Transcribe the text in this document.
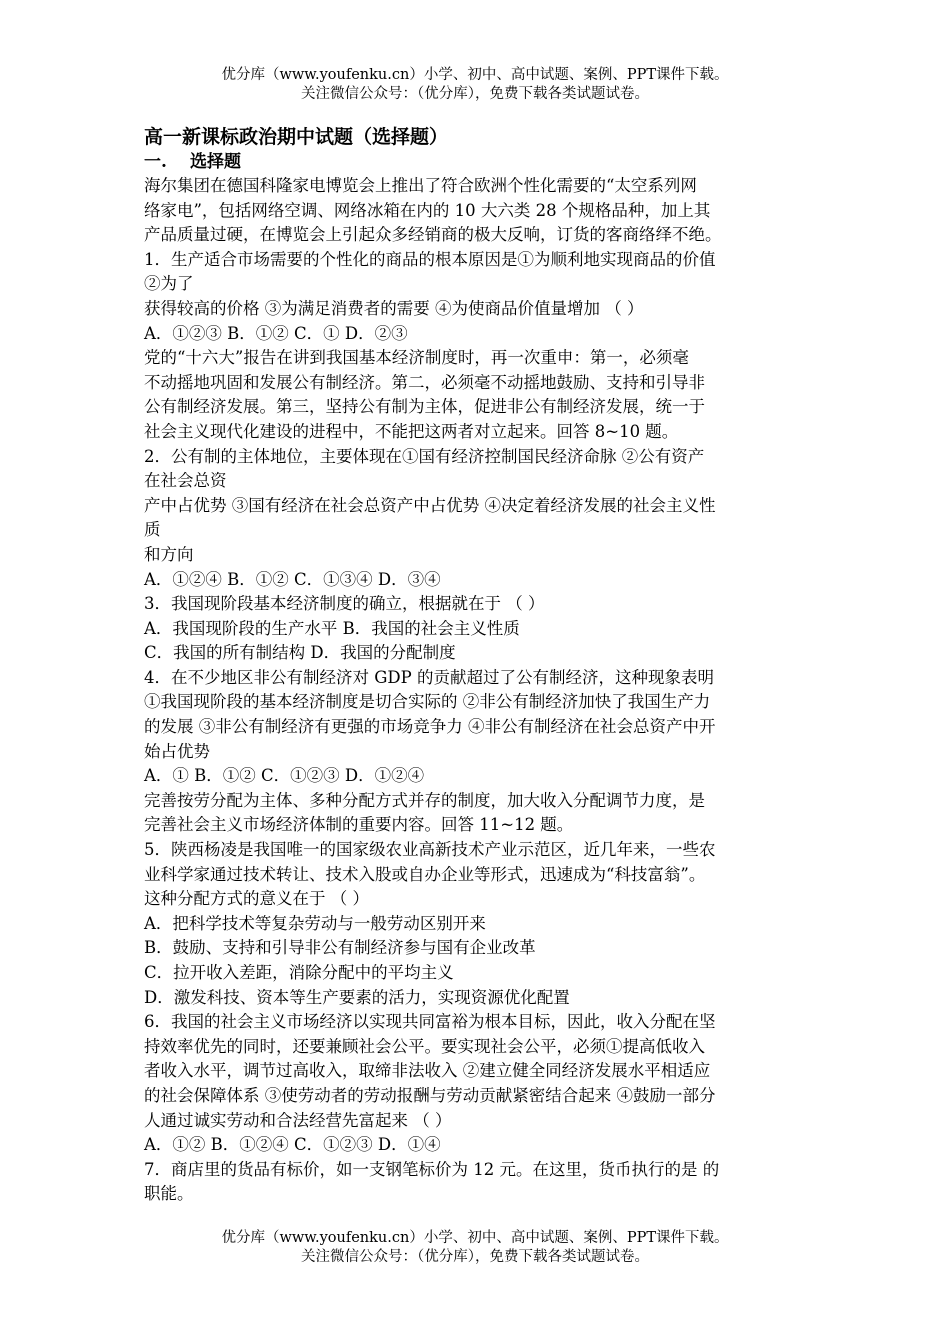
优分库（www.youfenku.cn）小学、初中、高中试题、案例、PPT课件下载。
关注微信公众号：（优分库），免费下载各类试题试卷。
高一新课标政治期中试题（选择题）
一. 选择题
海尔集团在德国科隆家电博览会上推出了符合欧洲个性化需要的“太空系列网
络家电”，包括网络空调、网络冰箱在内的 10 大六类 28 个规格品种，加上其
产品质量过硬，在博览会上引起众多经销商的极大反响，订货的客商络绎不绝。
1．生产适合市场需要的个性化的商品的根本原因是①为顺利地实现商品的价值
②为了
获得较高的价格 ③为满足消费者的需要 ④为使商品价值量增加 （ ）
A．①②③ B．①② C．① D．②③
党的“十六大”报告在讲到我国基本经济制度时，再一次重申：第一，必须毫
不动摇地巩固和发展公有制经济。第二，必须毫不动摇地鼓励、支持和引导非
公有制经济发展。第三，坚持公有制为主体，促进非公有制经济发展，统一于
社会主义现代化建设的进程中，不能把这两者对立起来。回答 8~10 题。
2．公有制的主体地位，主要体现在①国有经济控制国民经济命脉 ②公有资产
在社会总资
产中占优势 ③国有经济在社会总资产中占优势 ④决定着经济发展的社会主义性
质
和方向
A．①②④ B．①② C．①③④ D．③④
3．我国现阶段基本经济制度的确立，根据就在于 （ ）
A．我国现阶段的生产水平 B．我国的社会主义性质
C．我国的所有制结构 D．我国的分配制度
4．在不少地区非公有制经济对 GDP 的贡献超过了公有制经济，这种现象表明
①我国现阶段的基本经济制度是切合实际的 ②非公有制经济加快了我国生产力
的发展 ③非公有制经济有更强的市场竞争力 ④非公有制经济在社会总资产中开
始占优势
A．① B．①② C．①②③ D．①②④
完善按劳分配为主体、多种分配方式并存的制度，加大收入分配调节力度，是
完善社会主义市场经济体制的重要内容。回答 11~12 题。
5．陕西杨凌是我国唯一的国家级农业高新技术产业示范区，近几年来，一些农
业科学家通过技术转让、技术入股或自办企业等形式，迅速成为“科技富翁”。
这种分配方式的意义在于 （ ）
A．把科学技术等复杂劳动与一般劳动区别开来
B．鼓励、支持和引导非公有制经济参与国有企业改革
C．拉开收入差距，消除分配中的平均主义
D．激发科技、资本等生产要素的活力，实现资源优化配置
6．我国的社会主义市场经济以实现共同富裕为根本目标，因此，收入分配在坚
持效率优先的同时，还要兼顾社会公平。要实现社会公平，必须①提高低收入
者收入水平，调节过高收入，取缔非法收入 ②建立健全同经济发展水平相适应
的社会保障体系 ③使劳动者的劳动报酬与劳动贡献紧密结合起来 ④鼓励一部分
人通过诚实劳动和合法经营先富起来 （ ）
A．①② B．①②④ C．①②③ D．①④
7．商店里的货品有标价，如一支钢笔标价为 12 元。在这里，货币执行的是 的
职能。
优分库（www.youfenku.cn）小学、初中、高中试题、案例、PPT课件下载。
关注微信公众号：（优分库），免费下载各类试题试卷。
